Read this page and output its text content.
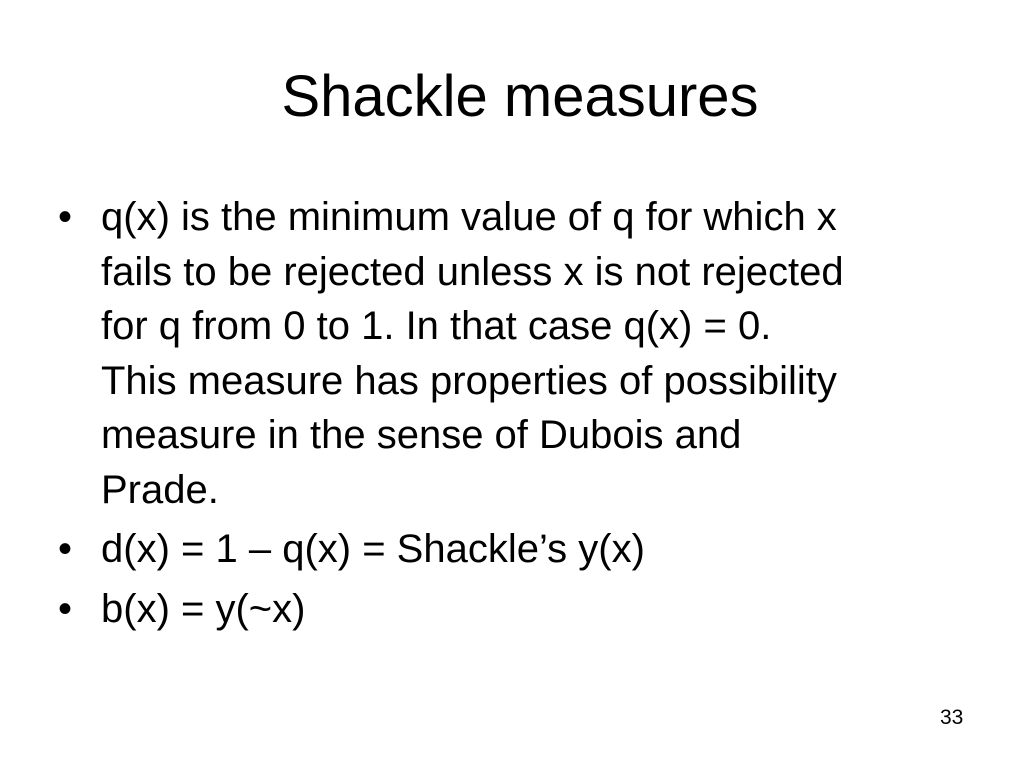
Shackle measures
• q(x) is the minimum value of q for which x
fails to be rejected unless x is not rejected
for q from 0 to 1. In that case q(x) = 0.
This measure has properties of possibility
measure in the sense of Dubois and
Prade.
• d(x) = 1 – q(x) = Shackle’s y(x)
• b(x) = y(~x)
33
